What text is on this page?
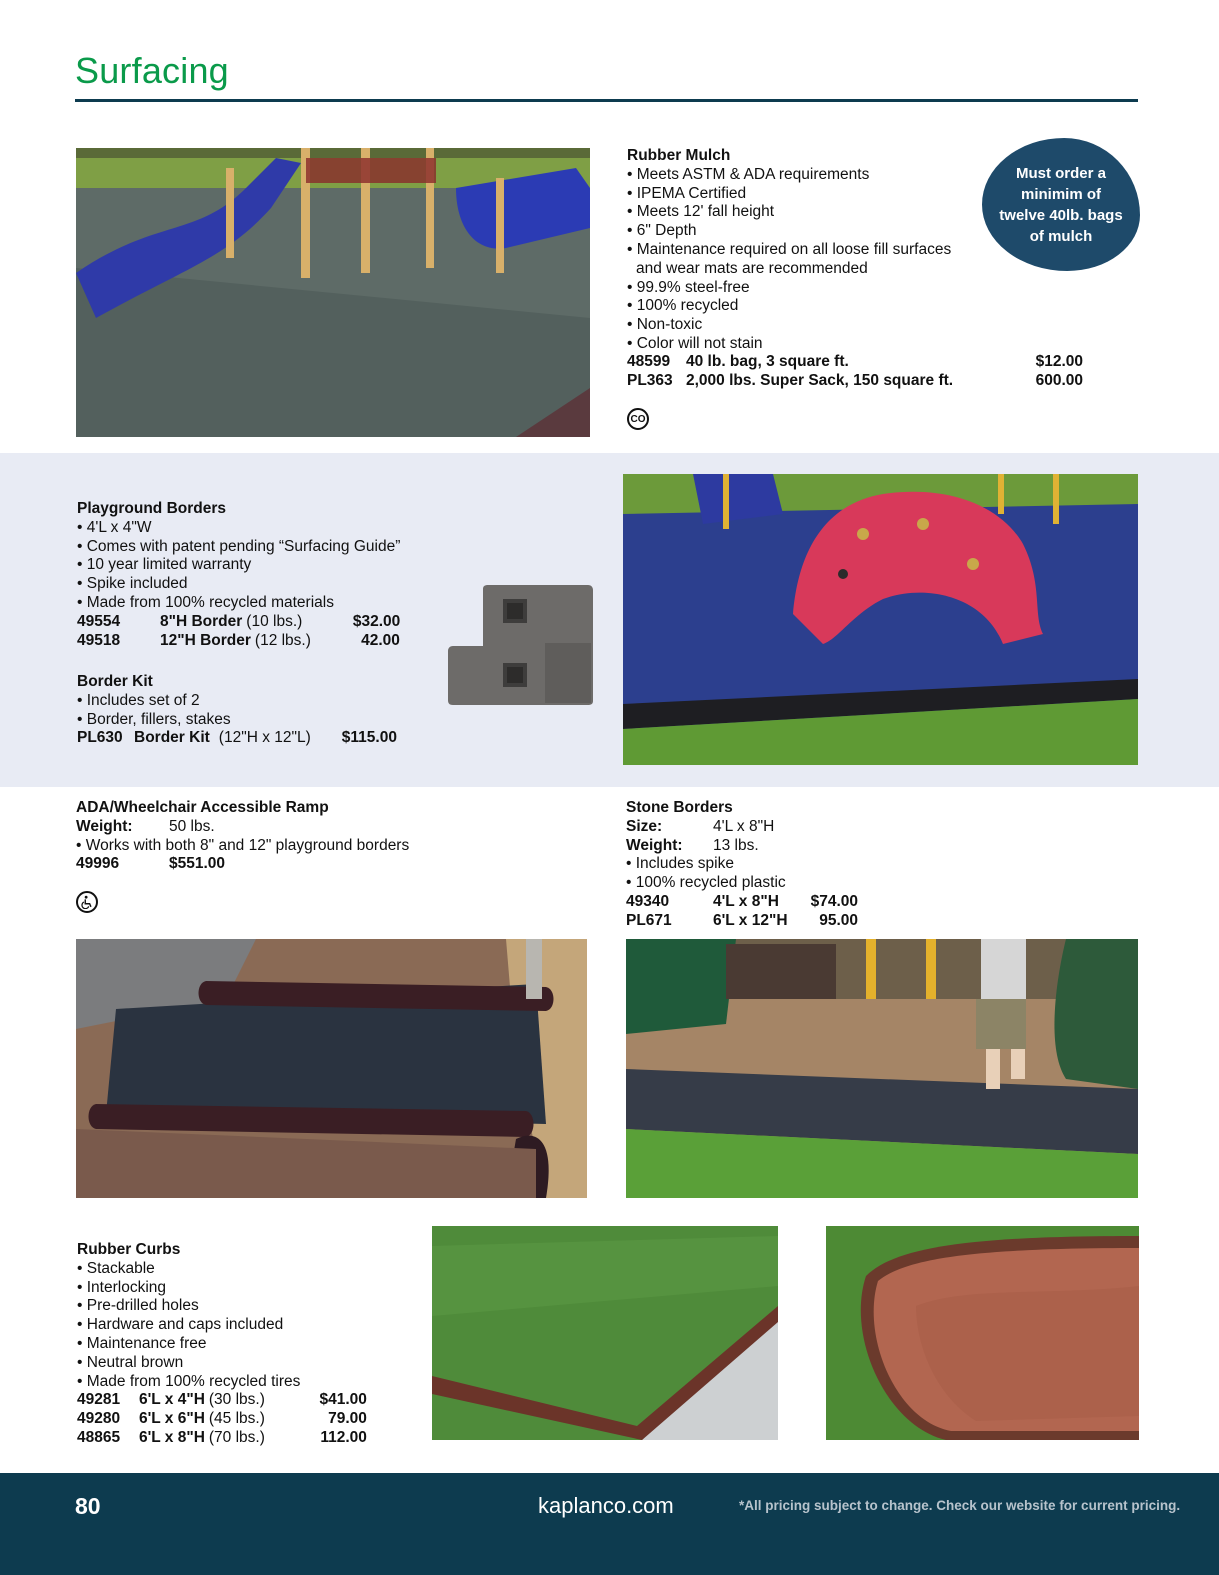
Surfacing
Rubber Mulch
• Meets ASTM & ADA requirements
• IPEMA Certified
• Meets 12' fall height
• 6" Depth
• Maintenance required on all loose fill surfaces
and wear mats are recommended
• 99.9% steel-free
• 100% recycled
• Non-toxic
• Color will not stain
48599	40 lb. bag, 3 square ft.	$12.00
PL363 2,000 lbs. Super Sack, 150 square ft.	600.00
CO
Must order a minimim of twelve 40lb. bags of mulch
Playground Borders
• 4'L x 4"W
• Comes with patent pending “Surfacing Guide”
• 10 year limited warranty
• Spike included
• Made from 100% recycled materials
49554	8"H Border (10 lbs.)	$32.00
49518	12"H Border (12 lbs.)	42.00
Border Kit
• Includes set of 2
• Border, fillers, stakes
PL630 Border Kit (12"H x 12"L)	$115.00
ADA/Wheelchair Accessible Ramp
Weight:	50 lbs.
• Works with both 8" and 12" playground borders
49996	$551.00
Stone Borders
Size:	4'L x 8"H
Weight:	13 lbs.
• Includes spike
• 100% recycled plastic
49340	4'L x 8"H	$74.00
PL671	6'L x 12"H	95.00
Rubber Curbs
• Stackable
• Interlocking
• Pre-drilled holes
• Hardware and caps included
• Maintenance free
• Neutral brown
• Made from 100% recycled tires
49281	6'L x 4"H (30 lbs.)	$41.00
49280	6'L x 6"H (45 lbs.)	79.00
48865	6'L x 8"H (70 lbs.)	112.00
80	kaplanco.com	*All pricing subject to change. Check our website for current pricing.
